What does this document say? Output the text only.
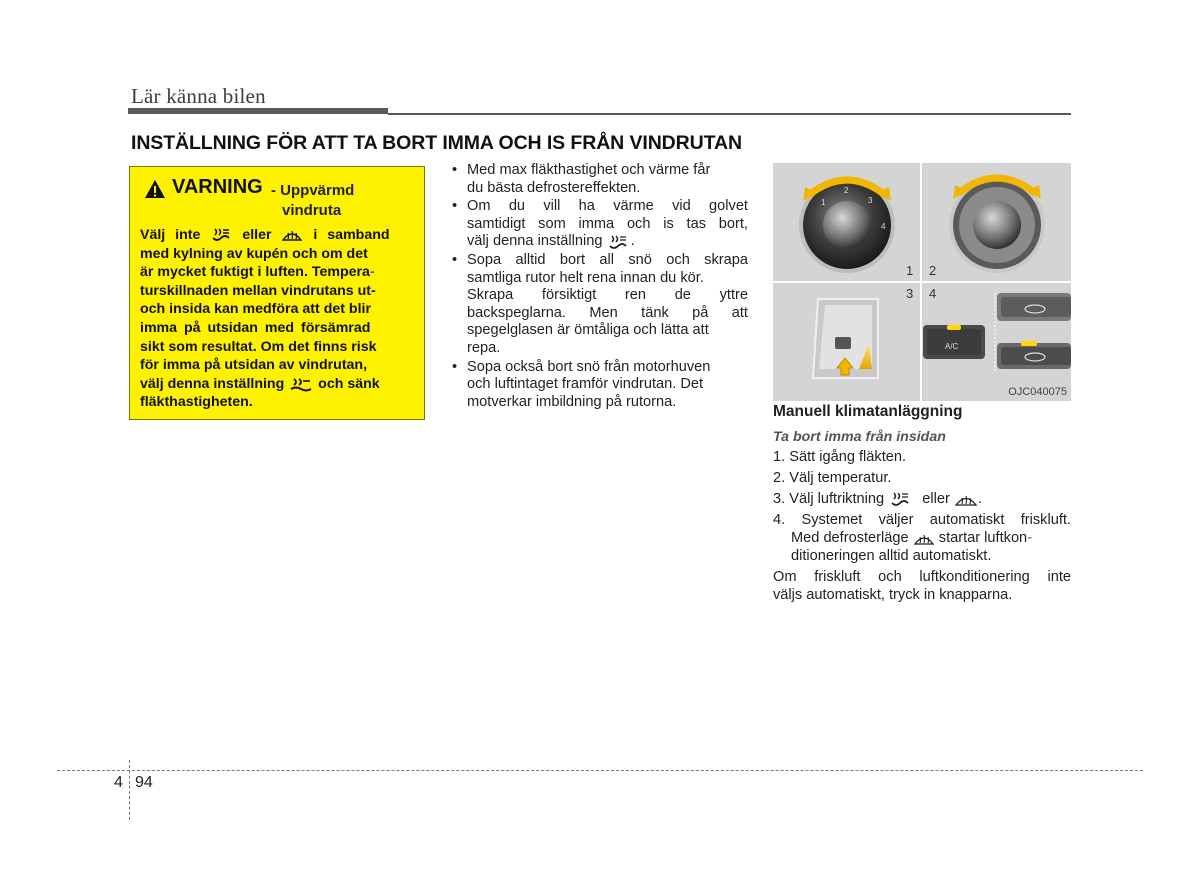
Lär känna bilen
INSTÄLLNING FÖR ATT TA BORT IMMA OCH IS FRÅN VINDRUTAN
VARNING - Uppvärmd
vindruta
Välj inte	eller	i samband
med kylning av kupén och om det
är mycket fuktigt i luften. Tempera-
turskillnaden mellan vindrutans ut-
och insida kan medföra att det blir
imma på utsidan med försämrad
sikt som resultat. Om det finns risk
för imma på utsidan av vindrutan,
välj denna inställning och sänk
fläkthastigheten.
• Med max fläkthastighet och värme får
du bästa defrostereffekten.
• Om du vill ha värme vid golvet
samtidigt som imma och is tas bort,
välj denna inställning .
• Sopa alltid bort all snö och skrapa
samtliga rutor helt rena innan du kör.
Skrapa försiktigt ren de yttre
backspeglarna. Men tänk på att
spegelglasen är ömtåliga och lätta att
repa.
• Sopa också bort snö från motorhuven
och luftintaget framför vindrutan. Det
motverkar imbildning på rutorna.
1
2
3
4
1 2
3 4
A/C
OJC040075
Manuell klimatanläggning
Ta bort imma från insidan
1. Sätt igång fläkten.
2. Välj temperatur.
3. Välj luftriktning	eller .
4. Systemet väljer automatiskt friskluft.
Med defrosterläge startar luftkon-
ditioneringen alltid automatiskt.
Om friskluft och luftkonditionering inte
väljs automatiskt, tryck in knapparna.
4 94
